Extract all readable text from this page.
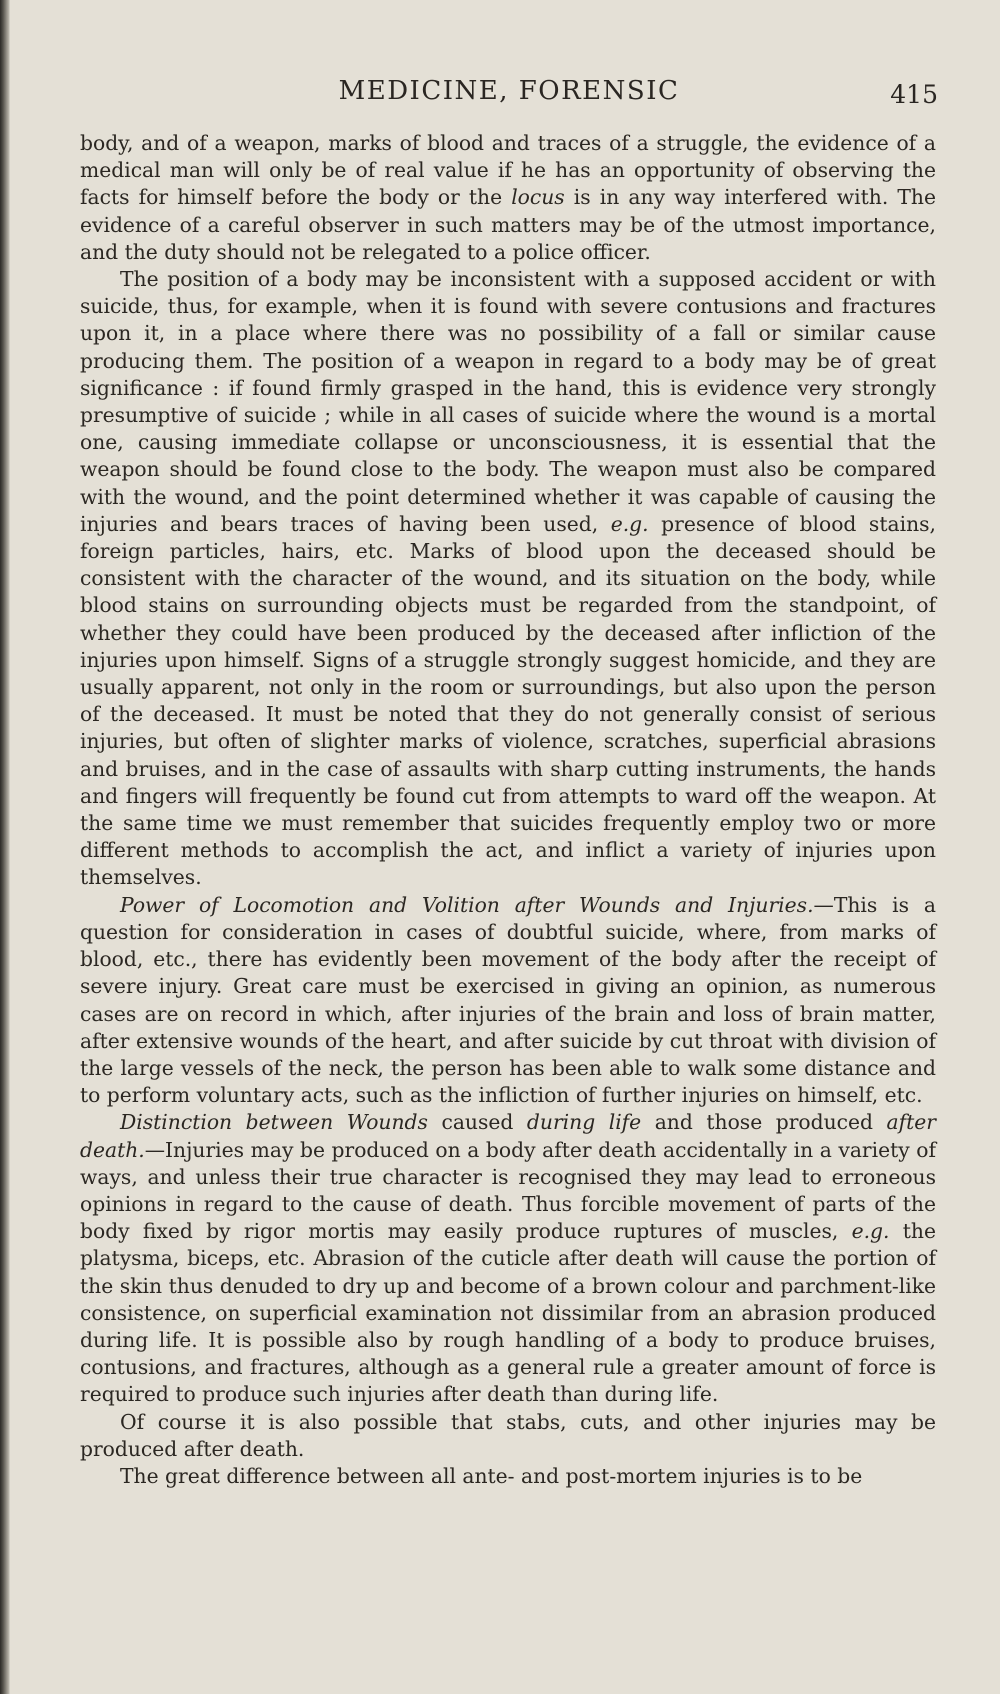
MEDICINE, FORENSIC	415

body, and of a weapon, marks of blood and traces of a struggle, the evidence of a medical man will only be of real value if he has an opportunity of observing the facts for himself before the body or the locus is in any way interfered with. The evidence of a careful observer in such matters may be of the utmost importance, and the duty should not be relegated to a police officer.

The position of a body may be inconsistent with a supposed accident or with suicide, thus, for example, when it is found with severe contusions and fractures upon it, in a place where there was no possibility of a fall or similar cause producing them. The position of a weapon in regard to a body may be of great significance : if found firmly grasped in the hand, this is evidence very strongly presumptive of suicide ; while in all cases of suicide where the wound is a mortal one, causing immediate collapse or unconsciousness, it is essential that the weapon should be found close to the body. The weapon must also be compared with the wound, and the point determined whether it was capable of causing the injuries and bears traces of having been used, e.g. presence of blood stains, foreign particles, hairs, etc. Marks of blood upon the deceased should be consistent with the character of the wound, and its situation on the body, while blood stains on surrounding objects must be regarded from the standpoint, of whether they could have been produced by the deceased after infliction of the injuries upon himself. Signs of a struggle strongly suggest homicide, and they are usually apparent, not only in the room or surroundings, but also upon the person of the deceased. It must be noted that they do not generally consist of serious injuries, but often of slighter marks of violence, scratches, superficial abrasions and bruises, and in the case of assaults with sharp cutting instruments, the hands and fingers will frequently be found cut from attempts to ward off the weapon. At the same time we must remember that suicides frequently employ two or more different methods to accomplish the act, and inflict a variety of injuries upon themselves.

Power of Locomotion and Volition after Wounds and Injuries.—This is a question for consideration in cases of doubtful suicide, where, from marks of blood, etc., there has evidently been movement of the body after the receipt of severe injury. Great care must be exercised in giving an opinion, as numerous cases are on record in which, after injuries of the brain and loss of brain matter, after extensive wounds of the heart, and after suicide by cut throat with division of the large vessels of the neck, the person has been able to walk some distance and to perform voluntary acts, such as the infliction of further injuries on himself, etc.

Distinction between Wounds caused during life and those produced after death.—Injuries may be produced on a body after death accidentally in a variety of ways, and unless their true character is recognised they may lead to erroneous opinions in regard to the cause of death. Thus forcible movement of parts of the body fixed by rigor mortis may easily produce ruptures of muscles, e.g. the platysma, biceps, etc. Abrasion of the cuticle after death will cause the portion of the skin thus denuded to dry up and become of a brown colour and parchment-like consistence, on superficial examination not dissimilar from an abrasion produced during life. It is possible also by rough handling of a body to produce bruises, contusions, and fractures, although as a general rule a greater amount of force is required to produce such injuries after death than during life.

Of course it is also possible that stabs, cuts, and other injuries may be produced after death.

The great difference between all ante- and post-mortem injuries is to be
